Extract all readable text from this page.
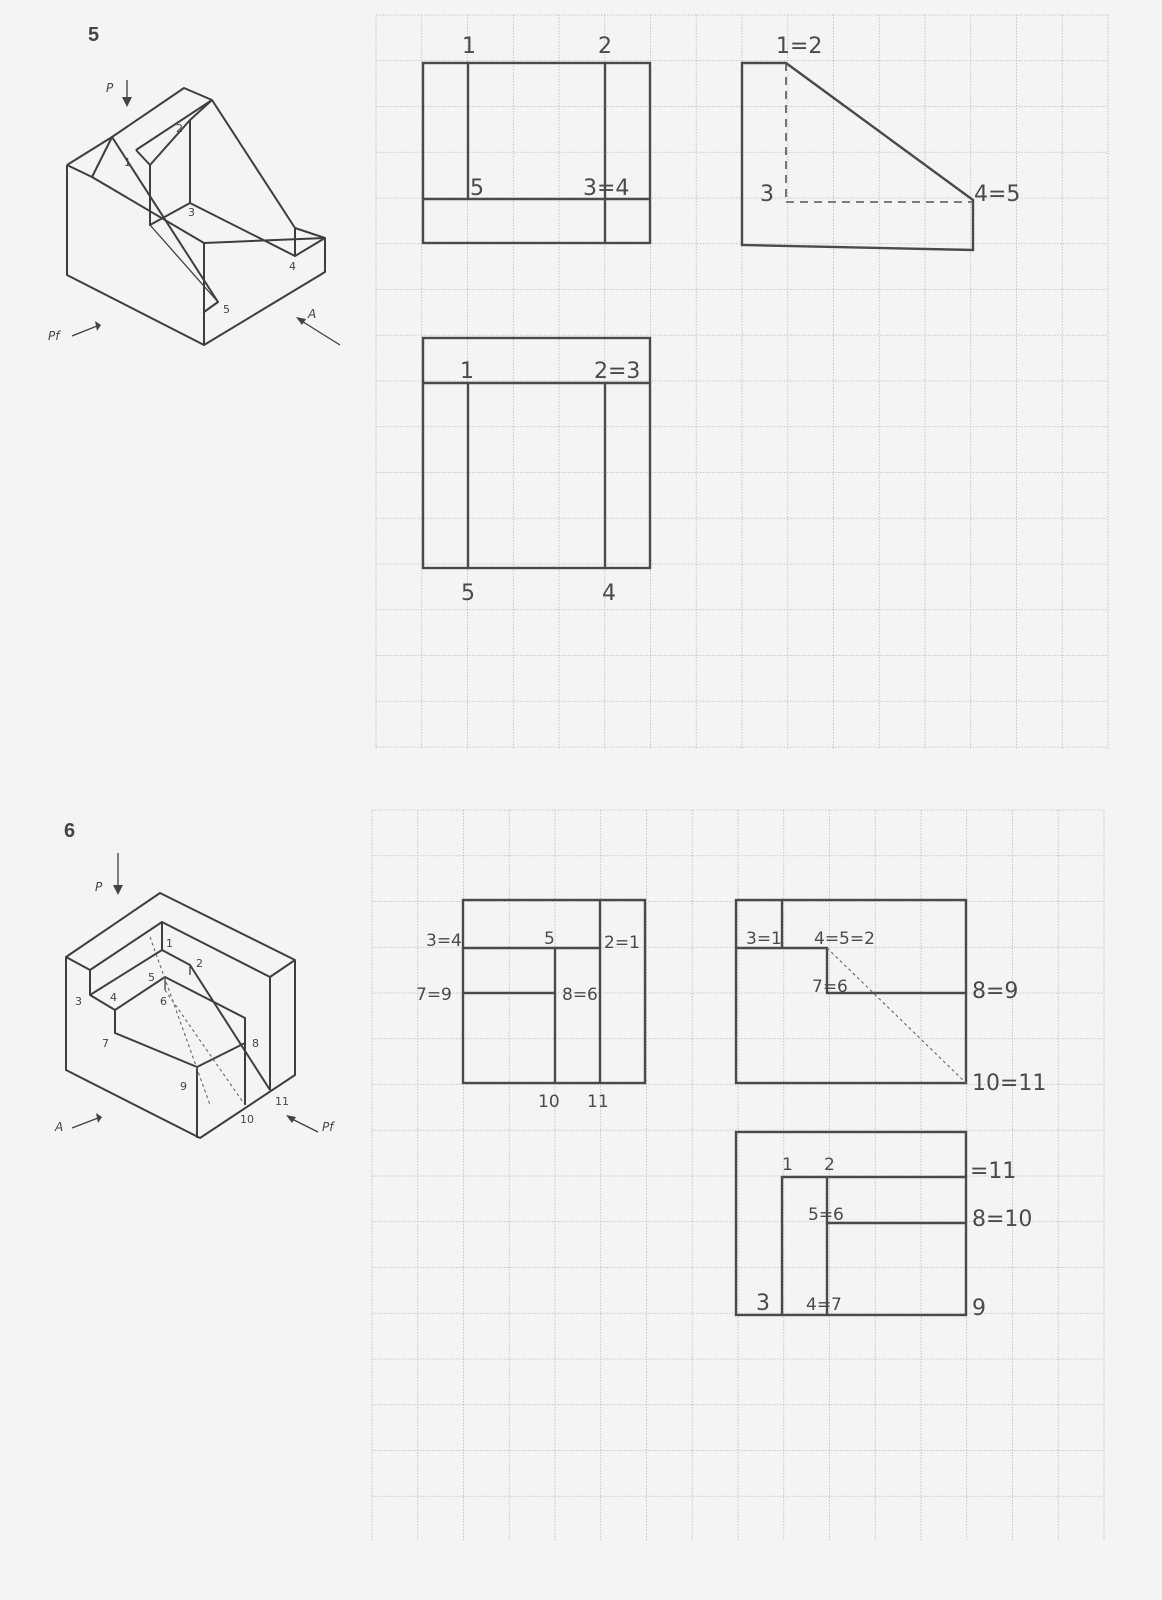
5
P
1
2
3
4
5
Pf
A
1	2
5	3=4
1=2
3	4=5
1	2=3
5	4
6
P
1
2
3	4
5
6
7	8
9
10
11
A	Pf
3=4	5	2=1
7=9	8=6
10 11
3=1 4=5=2
7=6	8=9
10=11
1 2	=11
5=6	8=10
3 4=7	9
